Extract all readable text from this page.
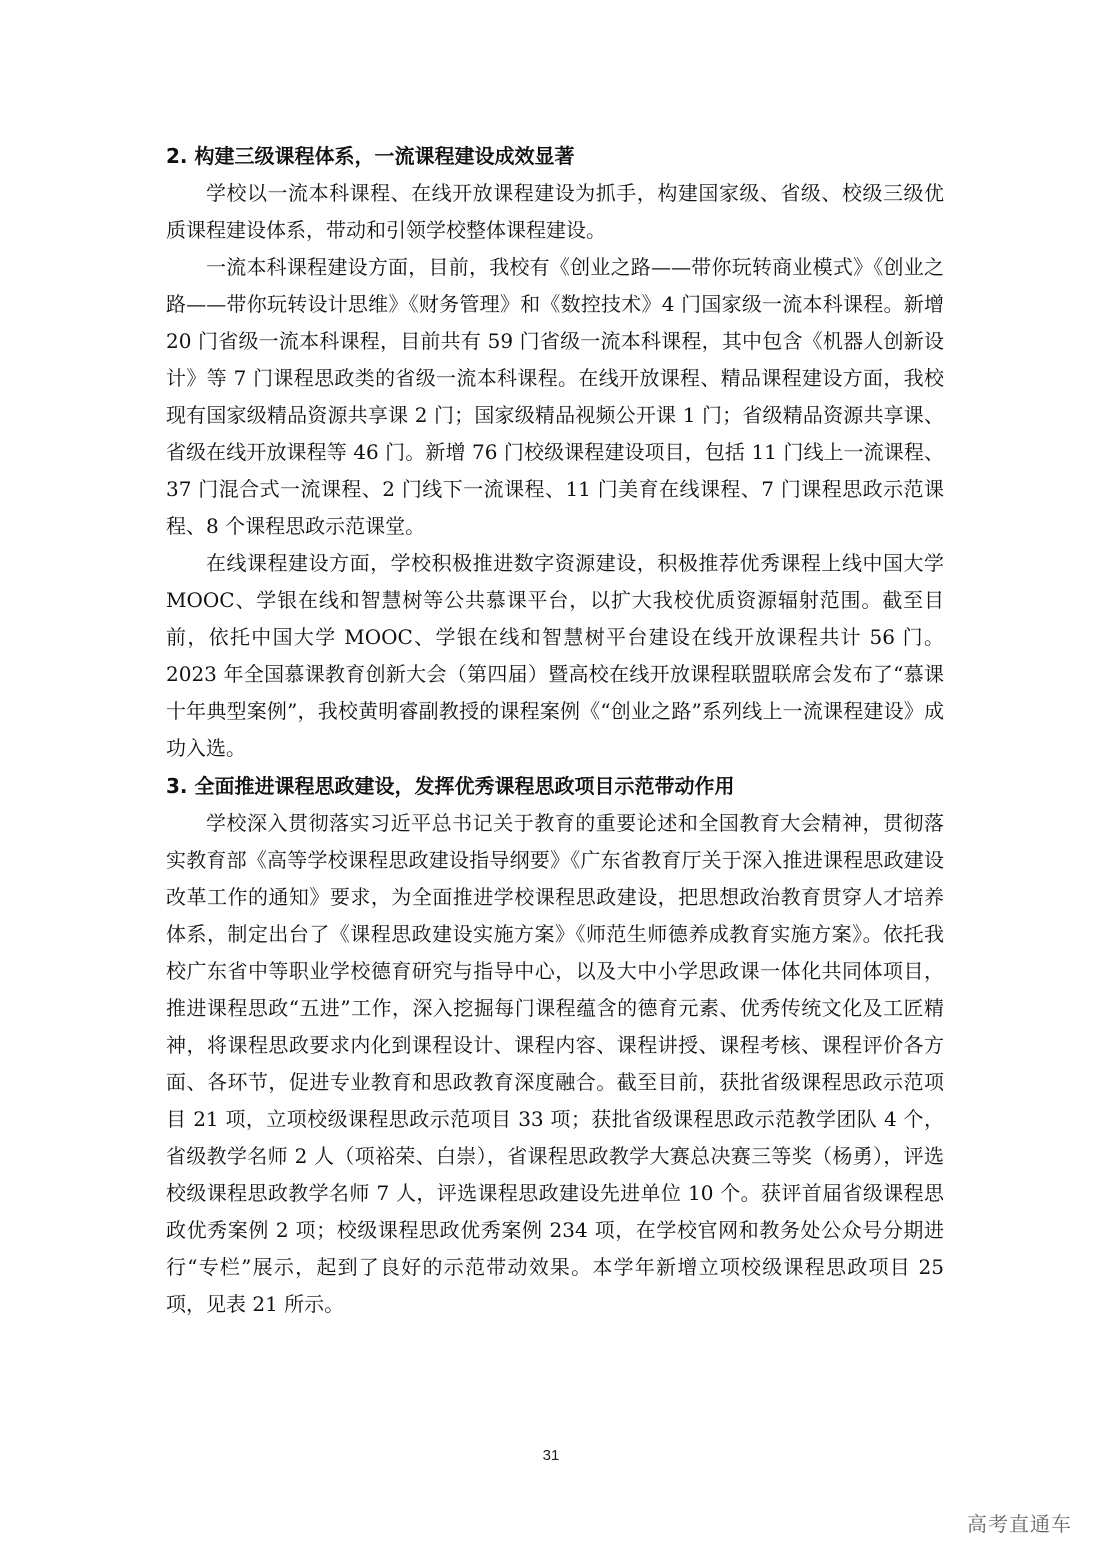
2. 构建三级课程体系，一流课程建设成效显著

学校以一流本科课程、在线开放课程建设为抓手，构建国家级、省级、校级三级优质课程建设体系，带动和引领学校整体课程建设。

一流本科课程建设方面，目前，我校有《创业之路——带你玩转商业模式》《创业之路——带你玩转设计思维》《财务管理》和《数控技术》4 门国家级一流本科课程。新增 20 门省级一流本科课程，目前共有 59 门省级一流本科课程，其中包含《机器人创新设计》等 7 门课程思政类的省级一流本科课程。在线开放课程、精品课程建设方面，我校现有国家级精品资源共享课 2 门；国家级精品视频公开课 1 门；省级精品资源共享课、省级在线开放课程等 46 门。新增 76 门校级课程建设项目，包括 11 门线上一流课程、37 门混合式一流课程、2 门线下一流课程、11 门美育在线课程、7 门课程思政示范课程、8 个课程思政示范课堂。

在线课程建设方面，学校积极推进数字资源建设，积极推荐优秀课程上线中国大学 MOOC、学银在线和智慧树等公共慕课平台，以扩大我校优质资源辐射范围。截至目前，依托中国大学 MOOC、学银在线和智慧树平台建设在线开放课程共计 56 门。2023 年全国慕课教育创新大会（第四届）暨高校在线开放课程联盟联席会发布了“慕课十年典型案例”，我校黄明睿副教授的课程案例《“创业之路”系列线上一流课程建设》成功入选。

3. 全面推进课程思政建设，发挥优秀课程思政项目示范带动作用

学校深入贯彻落实习近平总书记关于教育的重要论述和全国教育大会精神，贯彻落实教育部《高等学校课程思政建设指导纲要》《广东省教育厅关于深入推进课程思政建设改革工作的通知》要求，为全面推进学校课程思政建设，把思想政治教育贯穿人才培养体系，制定出台了《课程思政建设实施方案》《师范生师德养成教育实施方案》。依托我校广东省中等职业学校德育研究与指导中心，以及大中小学思政课一体化共同体项目，推进课程思政“五进”工作，深入挖掘每门课程蕴含的德育元素、优秀传统文化及工匠精神，将课程思政要求内化到课程设计、课程内容、课程讲授、课程考核、课程评价各方面、各环节，促进专业教育和思政教育深度融合。截至目前，获批省级课程思政示范项目 21 项，立项校级课程思政示范项目 33 项；获批省级课程思政示范教学团队 4 个，省级教学名师 2 人（项裕荣、白崇），省课程思政教学大赛总决赛三等奖（杨勇），评选校级课程思政教学名师 7 人，评选课程思政建设先进单位 10 个。获评首届省级课程思政优秀案例 2 项；校级课程思政优秀案例 234 项，在学校官网和教务处公众号分期进行“专栏”展示，起到了良好的示范带动效果。本学年新增立项校级课程思政项目 25 项，见表 21 所示。

31
高考直通车
